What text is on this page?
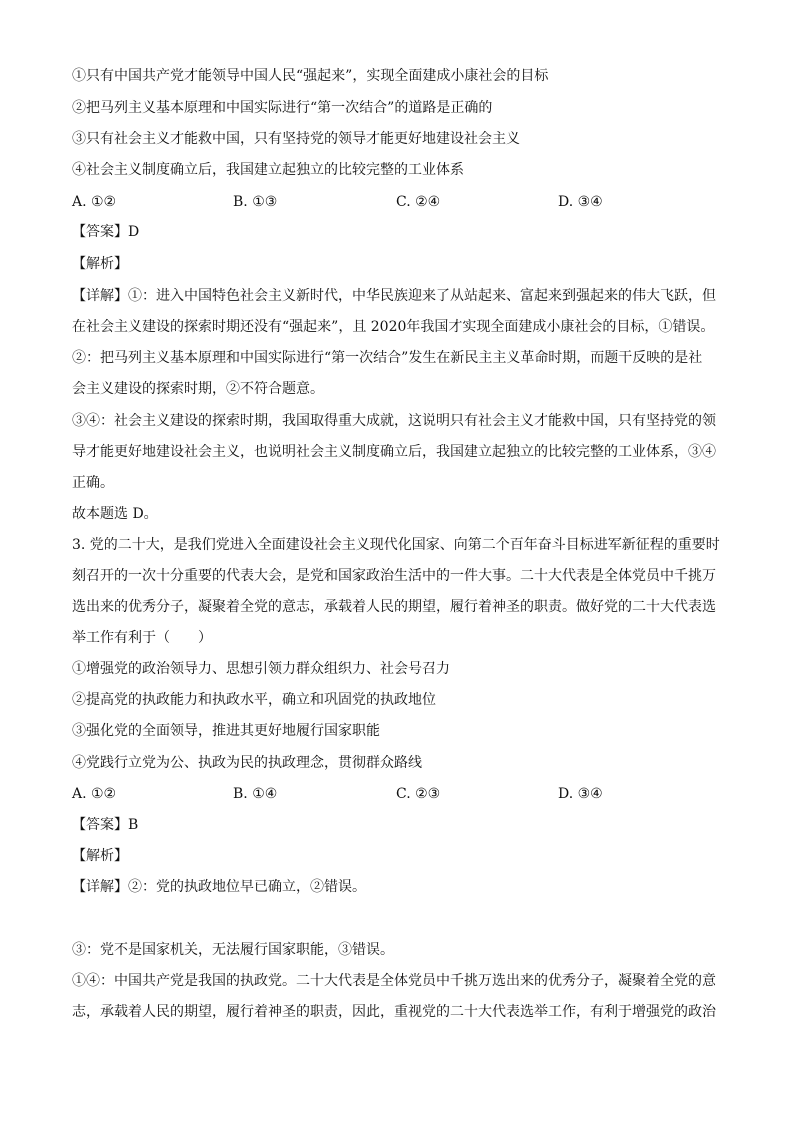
①只有中国共产党才能领导中国人民“强起来”，实现全面建成小康社会的目标
②把马列主义基本原理和中国实际进行“第一次结合”的道路是正确的
③只有社会主义才能救中国，只有坚持党的领导才能更好地建设社会主义
④社会主义制度确立后，我国建立起独立的比较完整的工业体系
A. ①②	B. ①③	C. ②④	D. ③④
【答案】D
【解析】
【详解】①：进入中国特色社会主义新时代，中华民族迎来了从站起来、富起来到强起来的伟大飞跃，但
在社会主义建设的探索时期还没有“强起来”，且 2020年我国才实现全面建成小康社会的目标，①错误。
②：把马列主义基本原理和中国实际进行“第一次结合”发生在新民主主义革命时期，而题干反映的是社
会主义建设的探索时期，②不符合题意。
③④：社会主义建设的探索时期，我国取得重大成就，这说明只有社会主义才能救中国，只有坚持党的领
导才能更好地建设社会主义，也说明社会主义制度确立后，我国建立起独立的比较完整的工业体系，③④
正确。
故本题选 D。
3. 党的二十大，是我们党进入全面建设社会主义现代化国家、向第二个百年奋斗目标进军新征程的重要时
刻召开的一次十分重要的代表大会，是党和国家政治生活中的一件大事。二十大代表是全体党员中千挑万
选出来的优秀分子，凝聚着全党的意志，承载着人民的期望，履行着神圣的职责。做好党的二十大代表选
举工作有利于（　　）
①增强党的政治领导力、思想引领力群众组织力、社会号召力
②提高党的执政能力和执政水平，确立和巩固党的执政地位
③强化党的全面领导，推进其更好地履行国家职能
④党践行立党为公、执政为民的执政理念，贯彻群众路线
A. ①②	B. ①④	C. ②③	D. ③④
【答案】B
【解析】
【详解】②：党的执政地位早已确立，②错误。
③：党不是国家机关，无法履行国家职能，③错误。
①④：中国共产党是我国的执政党。二十大代表是全体党员中千挑万选出来的优秀分子，凝聚着全党的意
志，承载着人民的期望，履行着神圣的职责，因此，重视党的二十大代表选举工作，有利于增强党的政治
